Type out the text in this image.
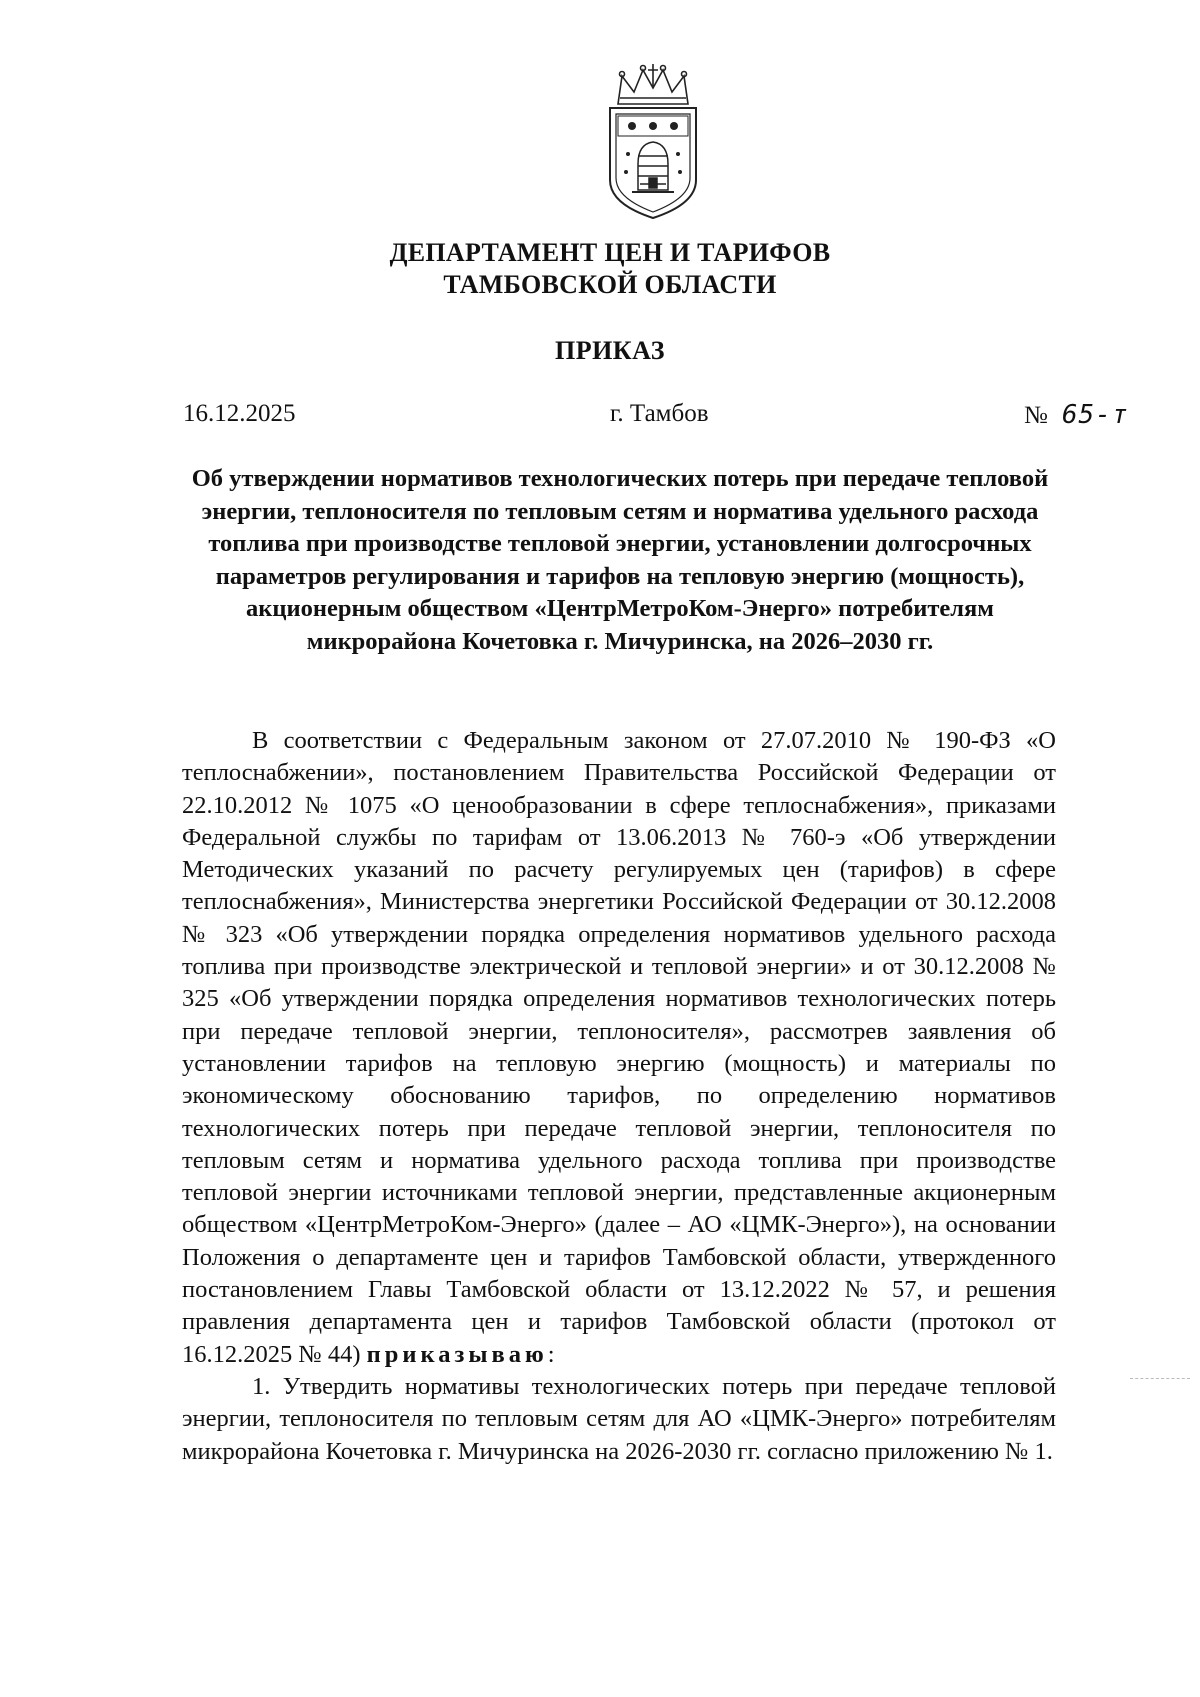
ДЕПАРТАМЕНТ ЦЕН И ТАРИФОВ
ТАМБОВСКОЙ ОБЛАСТИ
ПРИКАЗ
16.12.2025	г. Тамбов	№ 65-т
Об утверждении нормативов технологических потерь при передаче тепловой энергии, теплоносителя по тепловым сетям и норматива удельного расхода топлива при производстве тепловой энергии, установлении долгосрочных параметров регулирования и тарифов на тепловую энергию (мощность), акционерным обществом «ЦентрМетроКом-Энерго» потребителям микрорайона Кочетовка г. Мичуринска, на 2026–2030 гг.

В соответствии с Федеральным законом от 27.07.2010 № 190-ФЗ «О теплоснабжении», постановлением Правительства Российской Федерации от 22.10.2012 № 1075 «О ценообразовании в сфере теплоснабжения», приказами Федеральной службы по тарифам от 13.06.2013 № 760-э «Об утверждении Методических указаний по расчету регулируемых цен (тарифов) в сфере теплоснабжения», Министерства энергетики Российской Федерации от 30.12.2008 № 323 «Об утверждении порядка определения нормативов удельного расхода топлива при производстве электрической и тепловой энергии» и от 30.12.2008 № 325 «Об утверждении порядка определения нормативов технологических потерь при передаче тепловой энергии, теплоносителя», рассмотрев заявления об установлении тарифов на тепловую энергию (мощность) и материалы по экономическому обоснованию тарифов, по определению нормативов технологических потерь при передаче тепловой энергии, теплоносителя по тепловым сетям и норматива удельного расхода топлива при производстве тепловой энергии источниками тепловой энергии, представленные акционерным обществом «ЦентрМетроКом-Энерго» (далее – АО «ЦМК-Энерго»), на основании Положения о департаменте цен и тарифов Тамбовской области, утвержденного постановлением Главы Тамбовской области от 13.12.2022 № 57, и решения правления департамента цен и тарифов Тамбовской области (протокол от 16.12.2025 № 44) приказываю:

1. Утвердить нормативы технологических потерь при передаче тепловой энергии, теплоносителя по тепловым сетям для АО «ЦМК-Энерго» потребителям микрорайона Кочетовка г. Мичуринска на 2026-2030 гг. согласно приложению № 1.
